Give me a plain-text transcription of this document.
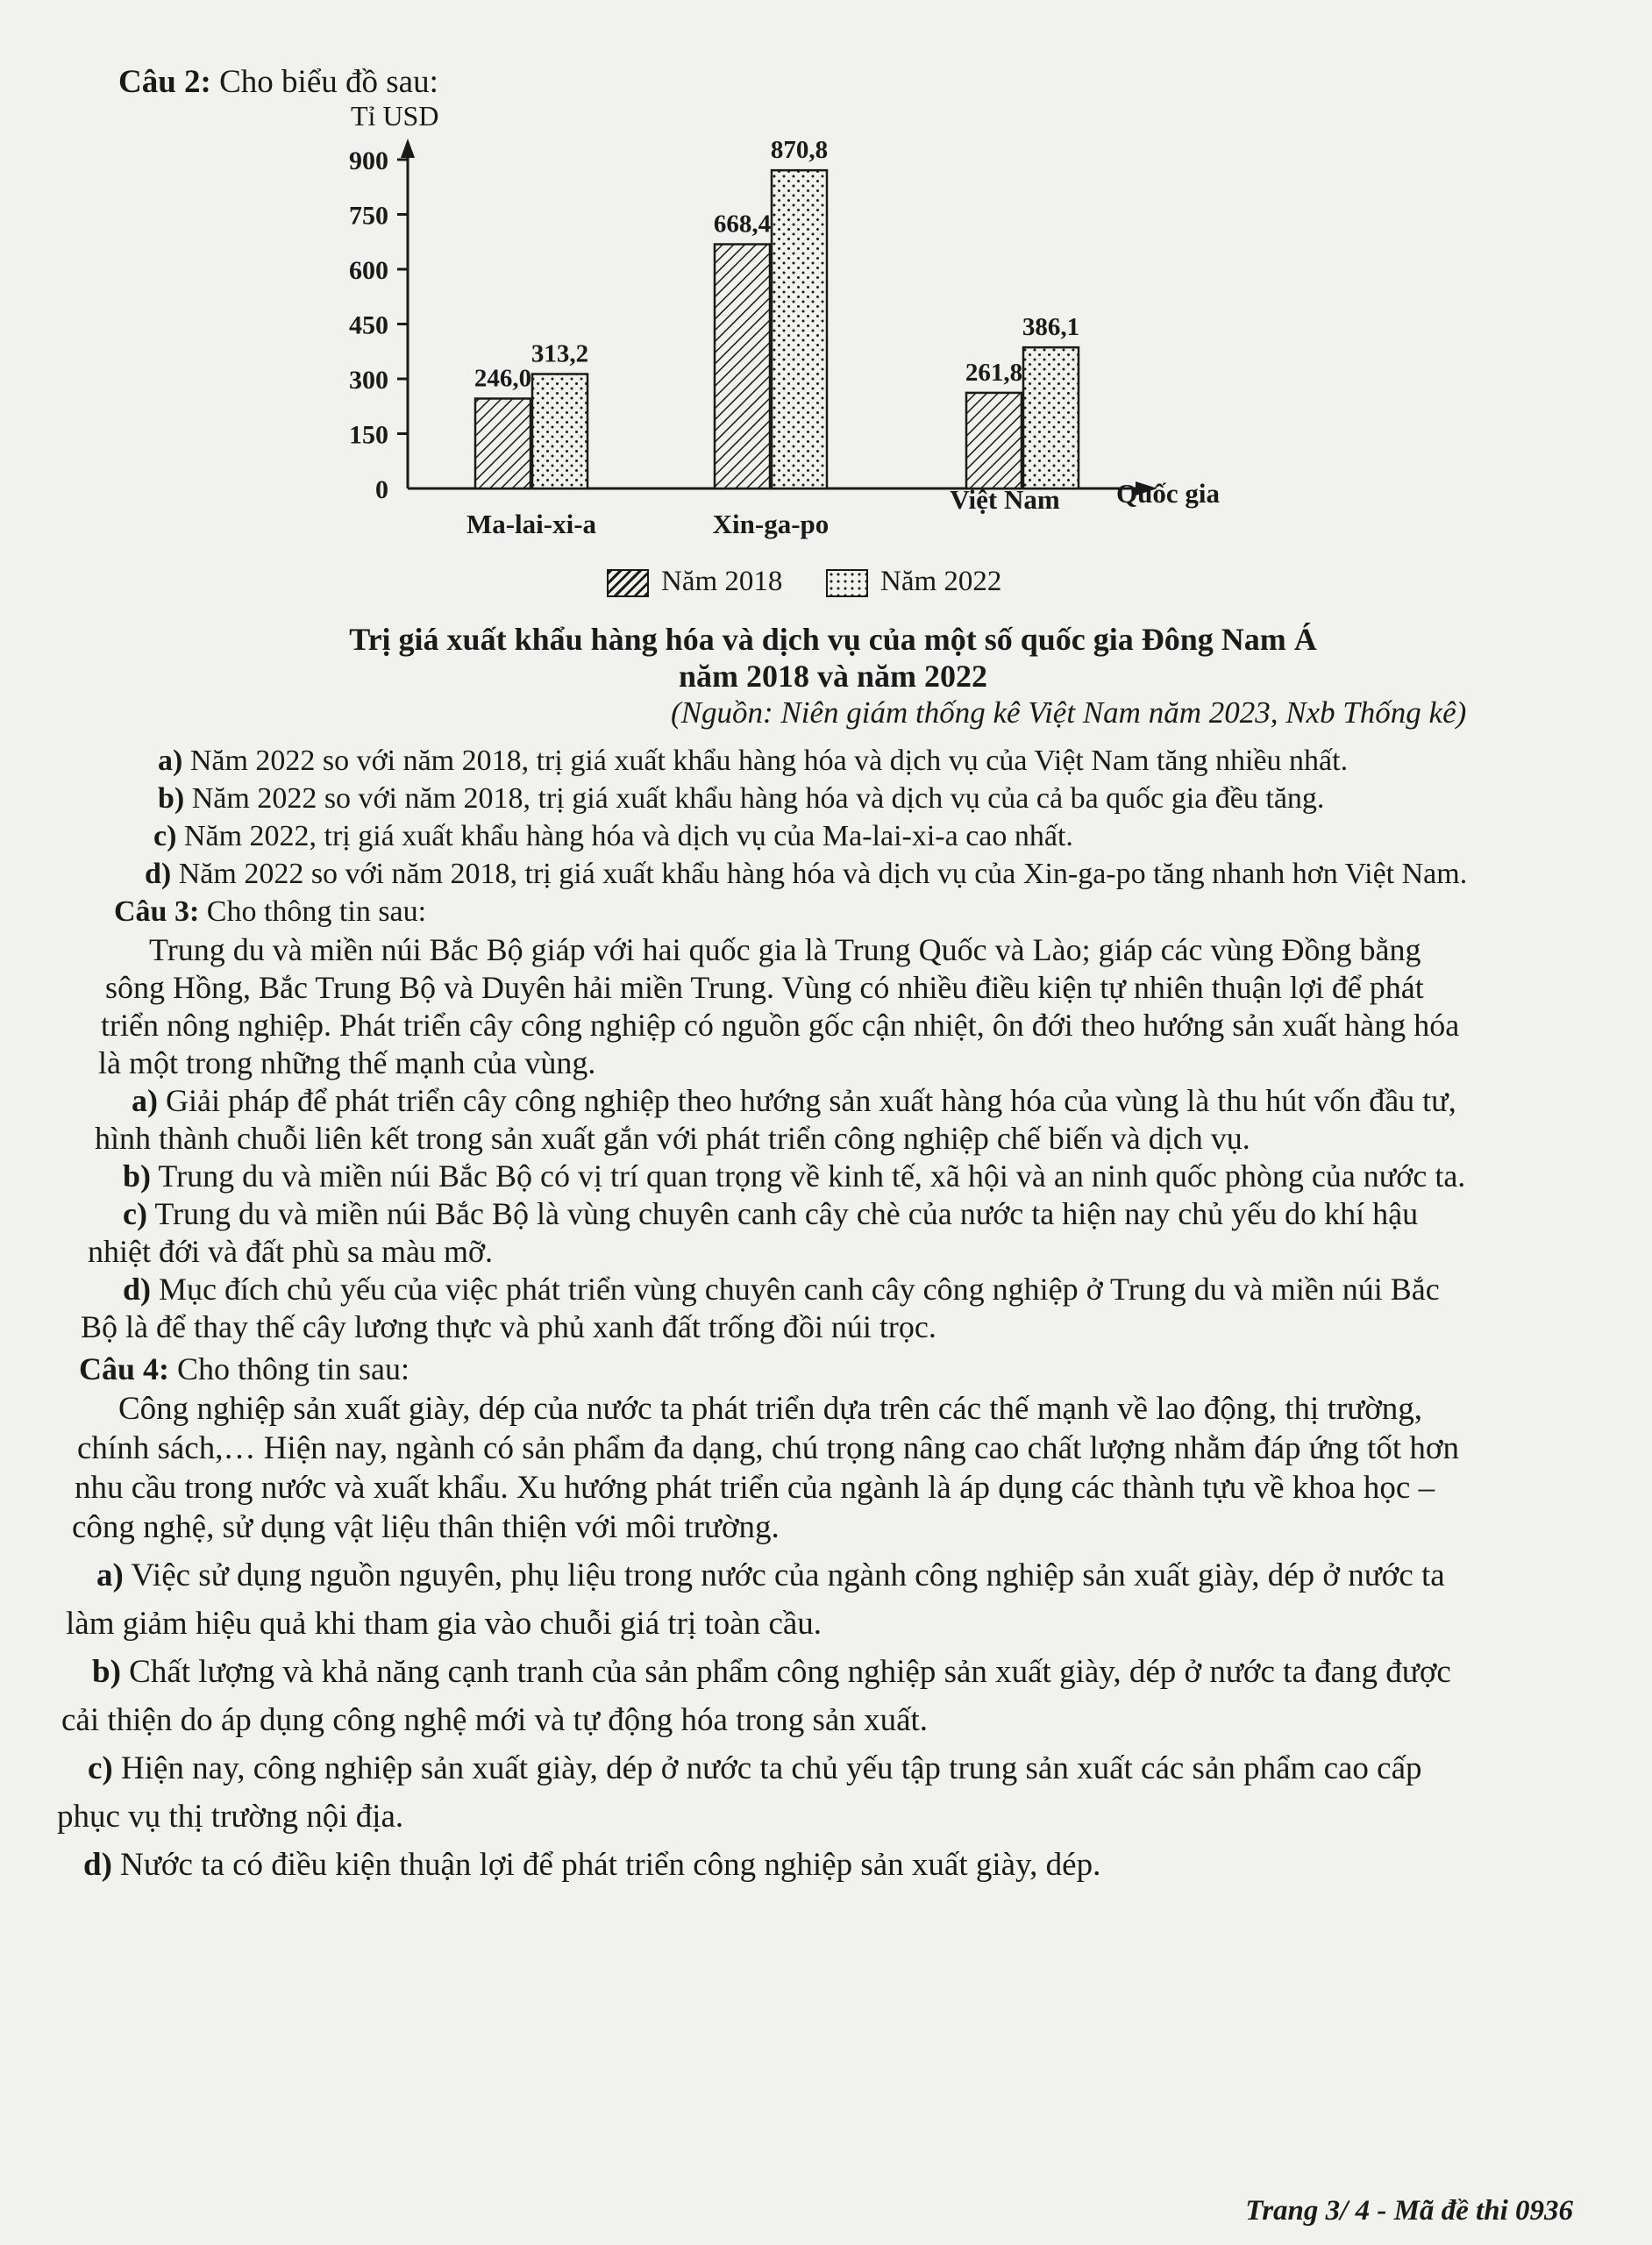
Câu 2: Cho biểu đồ sau:
Tỉ USD
Quốc gia
0
150
300
450
600
750
900
246,0
313,2
Ma-lai-xi-a
668,4
870,8
Xin-ga-po
261,8
386,1
Việt Nam
Năm 2018	Năm 2022
Trị giá xuất khẩu hàng hóa và dịch vụ của một số quốc gia Đông Nam Á
năm 2018 và năm 2022
(Nguồn: Niên giám thống kê Việt Nam năm 2023, Nxb Thống kê)
a) Năm 2022 so với năm 2018, trị giá xuất khẩu hàng hóa và dịch vụ của Việt Nam tăng nhiều nhất.
b) Năm 2022 so với năm 2018, trị giá xuất khẩu hàng hóa và dịch vụ của cả ba quốc gia đều tăng.
c) Năm 2022, trị giá xuất khẩu hàng hóa và dịch vụ của Ma-lai-xi-a cao nhất.
d) Năm 2022 so với năm 2018, trị giá xuất khẩu hàng hóa và dịch vụ của Xin-ga-po tăng nhanh hơn Việt Nam.
Câu 3: Cho thông tin sau:
Trung du và miền núi Bắc Bộ giáp với hai quốc gia là Trung Quốc và Lào; giáp các vùng Đồng bằng
sông Hồng, Bắc Trung Bộ và Duyên hải miền Trung. Vùng có nhiều điều kiện tự nhiên thuận lợi để phát
triển nông nghiệp. Phát triển cây công nghiệp có nguồn gốc cận nhiệt, ôn đới theo hướng sản xuất hàng hóa
là một trong những thế mạnh của vùng.
a) Giải pháp để phát triển cây công nghiệp theo hướng sản xuất hàng hóa của vùng là thu hút vốn đầu tư,
hình thành chuỗi liên kết trong sản xuất gắn với phát triển công nghiệp chế biến và dịch vụ.
b) Trung du và miền núi Bắc Bộ có vị trí quan trọng về kinh tế, xã hội và an ninh quốc phòng của nước ta.
c) Trung du và miền núi Bắc Bộ là vùng chuyên canh cây chè của nước ta hiện nay chủ yếu do khí hậu
nhiệt đới và đất phù sa màu mỡ.
d) Mục đích chủ yếu của việc phát triển vùng chuyên canh cây công nghiệp ở Trung du và miền núi Bắc
Bộ là để thay thế cây lương thực và phủ xanh đất trống đồi núi trọc.
Câu 4: Cho thông tin sau:
Công nghiệp sản xuất giày, dép của nước ta phát triển dựa trên các thế mạnh về lao động, thị trường,
chính sách,… Hiện nay, ngành có sản phẩm đa dạng, chú trọng nâng cao chất lượng nhằm đáp ứng tốt hơn
nhu cầu trong nước và xuất khẩu. Xu hướng phát triển của ngành là áp dụng các thành tựu về khoa học –
công nghệ, sử dụng vật liệu thân thiện với môi trường.
a) Việc sử dụng nguồn nguyên, phụ liệu trong nước của ngành công nghiệp sản xuất giày, dép ở nước ta
làm giảm hiệu quả khi tham gia vào chuỗi giá trị toàn cầu.
b) Chất lượng và khả năng cạnh tranh của sản phẩm công nghiệp sản xuất giày, dép ở nước ta đang được
cải thiện do áp dụng công nghệ mới và tự động hóa trong sản xuất.
c) Hiện nay, công nghiệp sản xuất giày, dép ở nước ta chủ yếu tập trung sản xuất các sản phẩm cao cấp
phục vụ thị trường nội địa.
d) Nước ta có điều kiện thuận lợi để phát triển công nghiệp sản xuất giày, dép.
Trang 3/ 4 - Mã đề thi 0936
